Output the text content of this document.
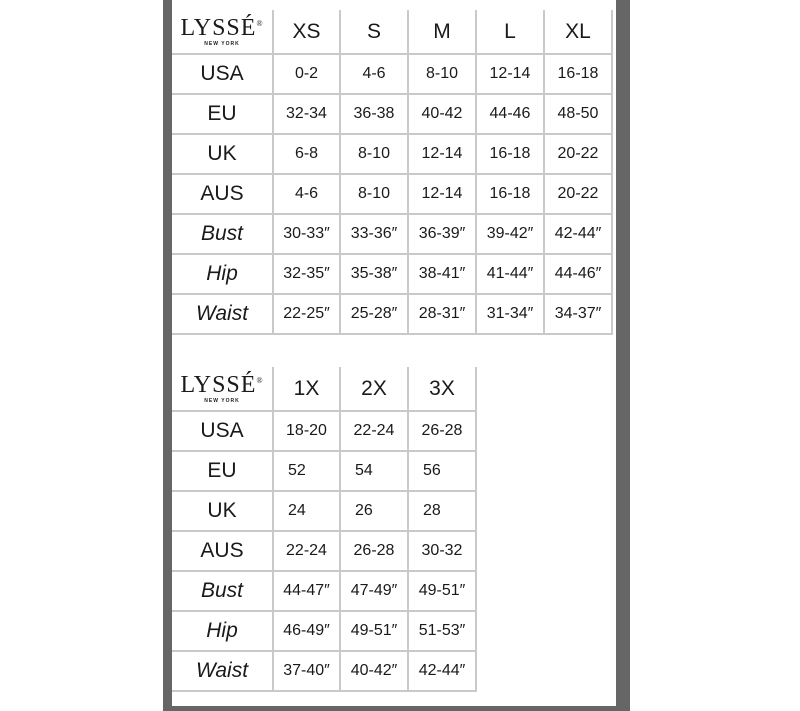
LYSSÉ®
NEW YORK
XS	S	M	L	XL
USA	0-2	4-6	8-10	12-14	16-18
EU	32-34	36-38	40-42	44-46	48-50
UK	6-8	8-10	12-14	16-18	20-22
AUS	4-6	8-10	12-14	16-18	20-22
Bust	30-33″	33-36″	36-39″	39-42″	42-44″
Hip	32-35″	35-38″	38-41″	41-44″	44-46″
Waist	22-25″	25-28″	28-31″	31-34″	34-37″
LYSSÉ®
NEW YORK
1X	2X	3X
USA	18-20	22-24	26-28
EU	52	54	56
UK	24	26	28
AUS	22-24	26-28	30-32
Bust	44-47″	47-49″	49-51″
Hip	46-49″	49-51″	51-53″
Waist	37-40″	40-42″	42-44″
